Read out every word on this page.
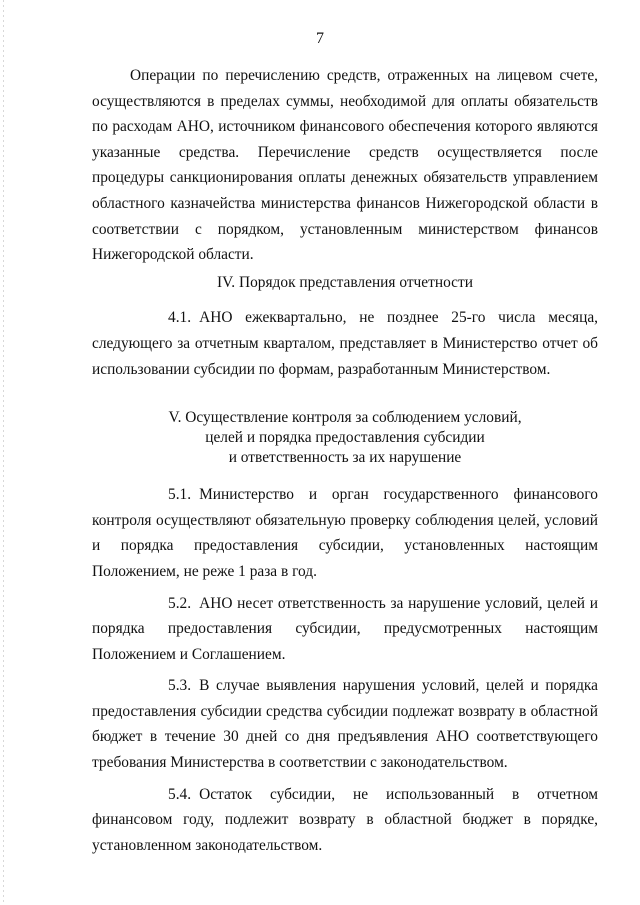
7

Операции по перечислению средств, отраженных на лицевом счете, осуществляются в пределах суммы, необходимой для оплаты обязательств по расходам АНО, источником финансового обеспечения которого являются указанные средства. Перечисление средств осуществляется после процедуры санкционирования оплаты денежных обязательств управлением областного казначейства министерства финансов Нижегородской области в соответствии с порядком, установленным министерством финансов Нижегородской области.

IV. Порядок представления отчетности

4.1. АНО ежеквартально, не позднее 25-го числа месяца, следующего за отчетным кварталом, представляет в Министерство отчет об использовании субсидии по формам, разработанным Министерством.

V. Осуществление контроля за соблюдением условий,
целей и порядка предоставления субсидии
и ответственность за их нарушение

5.1. Министерство и орган государственного финансового контроля осуществляют обязательную проверку соблюдения целей, условий и порядка предоставления субсидии, установленных настоящим Положением, не реже 1 раза в год.

5.2. АНО несет ответственность за нарушение условий, целей и порядка предоставления субсидии, предусмотренных настоящим Положением и Соглашением.

5.3. В случае выявления нарушения условий, целей и порядка предоставления субсидии средства субсидии подлежат возврату в областной бюджет в течение 30 дней со дня предъявления АНО соответствующего требования Министерства в соответствии с законодательством.

5.4. Остаток субсидии, не использованный в отчетном финансовом году, подлежит возврату в областной бюджет в порядке, установленном законодательством.
